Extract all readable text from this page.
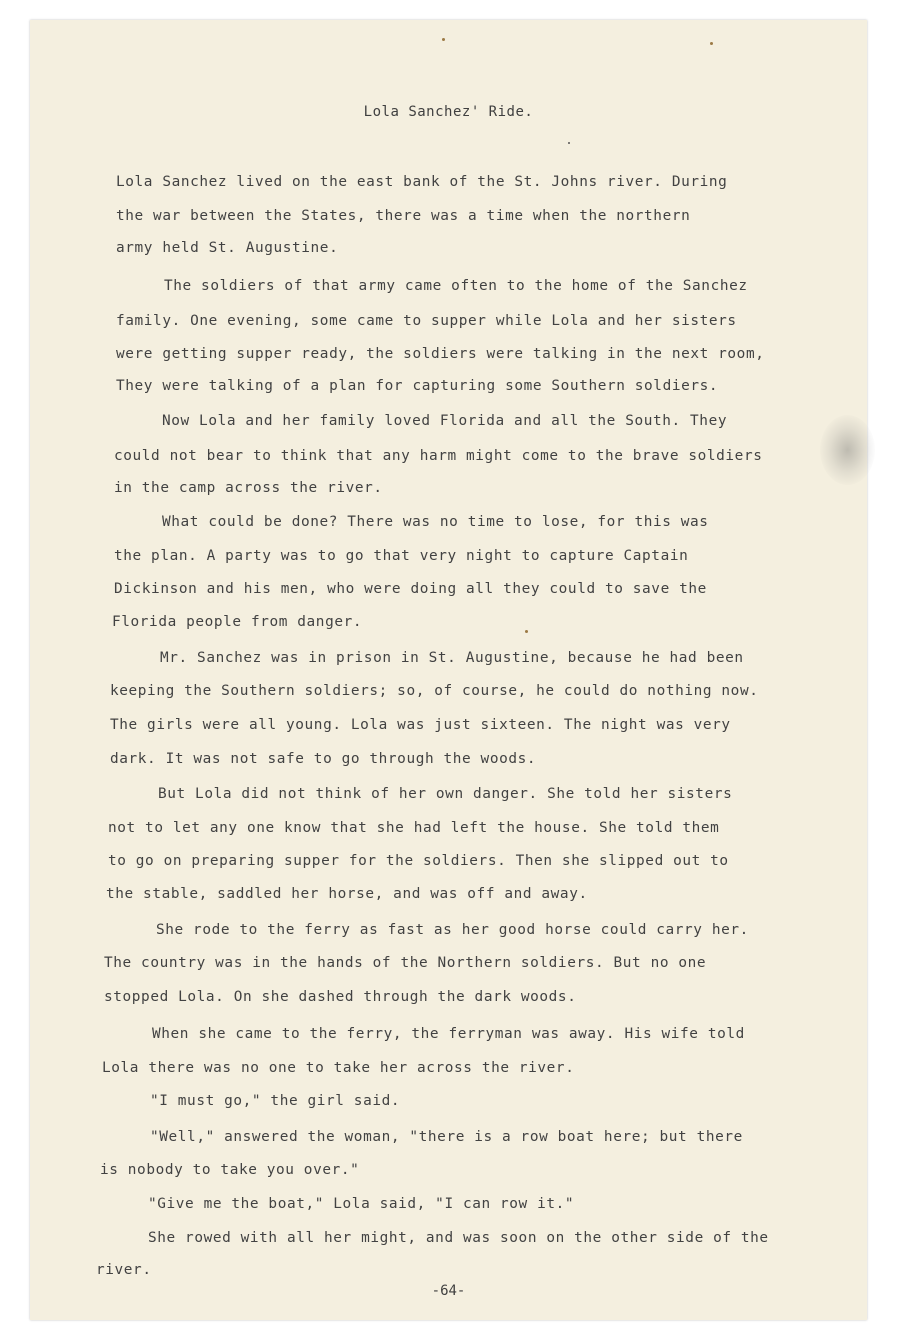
Lola Sanchez' Ride.

Lola Sanchez lived on the east bank of the St. Johns river. During

the war between the States, there was a time when the northern

army held St. Augustine.

The soldiers of that army came often to the home of the Sanchez

family. One evening, some came to supper while Lola and her sisters

were getting supper ready, the soldiers were talking in the next room,

They were talking of a plan for capturing some Southern soldiers.

Now Lola and her family loved Florida and all the South. They

could not bear to think that any harm might come to the brave soldiers

in the camp across the river.

What could be done? There was no time to lose, for this was

the plan. A party was to go that very night to capture Captain

Dickinson and his men, who were doing all they could to save the

Florida people from danger.

Mr. Sanchez was in prison in St. Augustine, because he had been

keeping the Southern soldiers; so, of course, he could do nothing now.

The girls were all young. Lola was just sixteen. The night was very

dark. It was not safe to go through the woods.

But Lola did not think of her own danger. She told her sisters

not to let any one know that she had left the house. She told them

to go on preparing supper for the soldiers. Then she slipped out to

the stable, saddled her horse, and was off and away.

She rode to the ferry as fast as her good horse could carry her.

The country was in the hands of the Northern soldiers. But no one

stopped Lola. On she dashed through the dark woods.

When she came to the ferry, the ferryman was away. His wife told

Lola there was no one to take her across the river.

"I must go," the girl said.

"Well," answered the woman, "there is a row boat here; but there

is nobody to take you over."

"Give me the boat," Lola said, "I can row it."

She rowed with all her might, and was soon on the other side of the

river.

-64-
